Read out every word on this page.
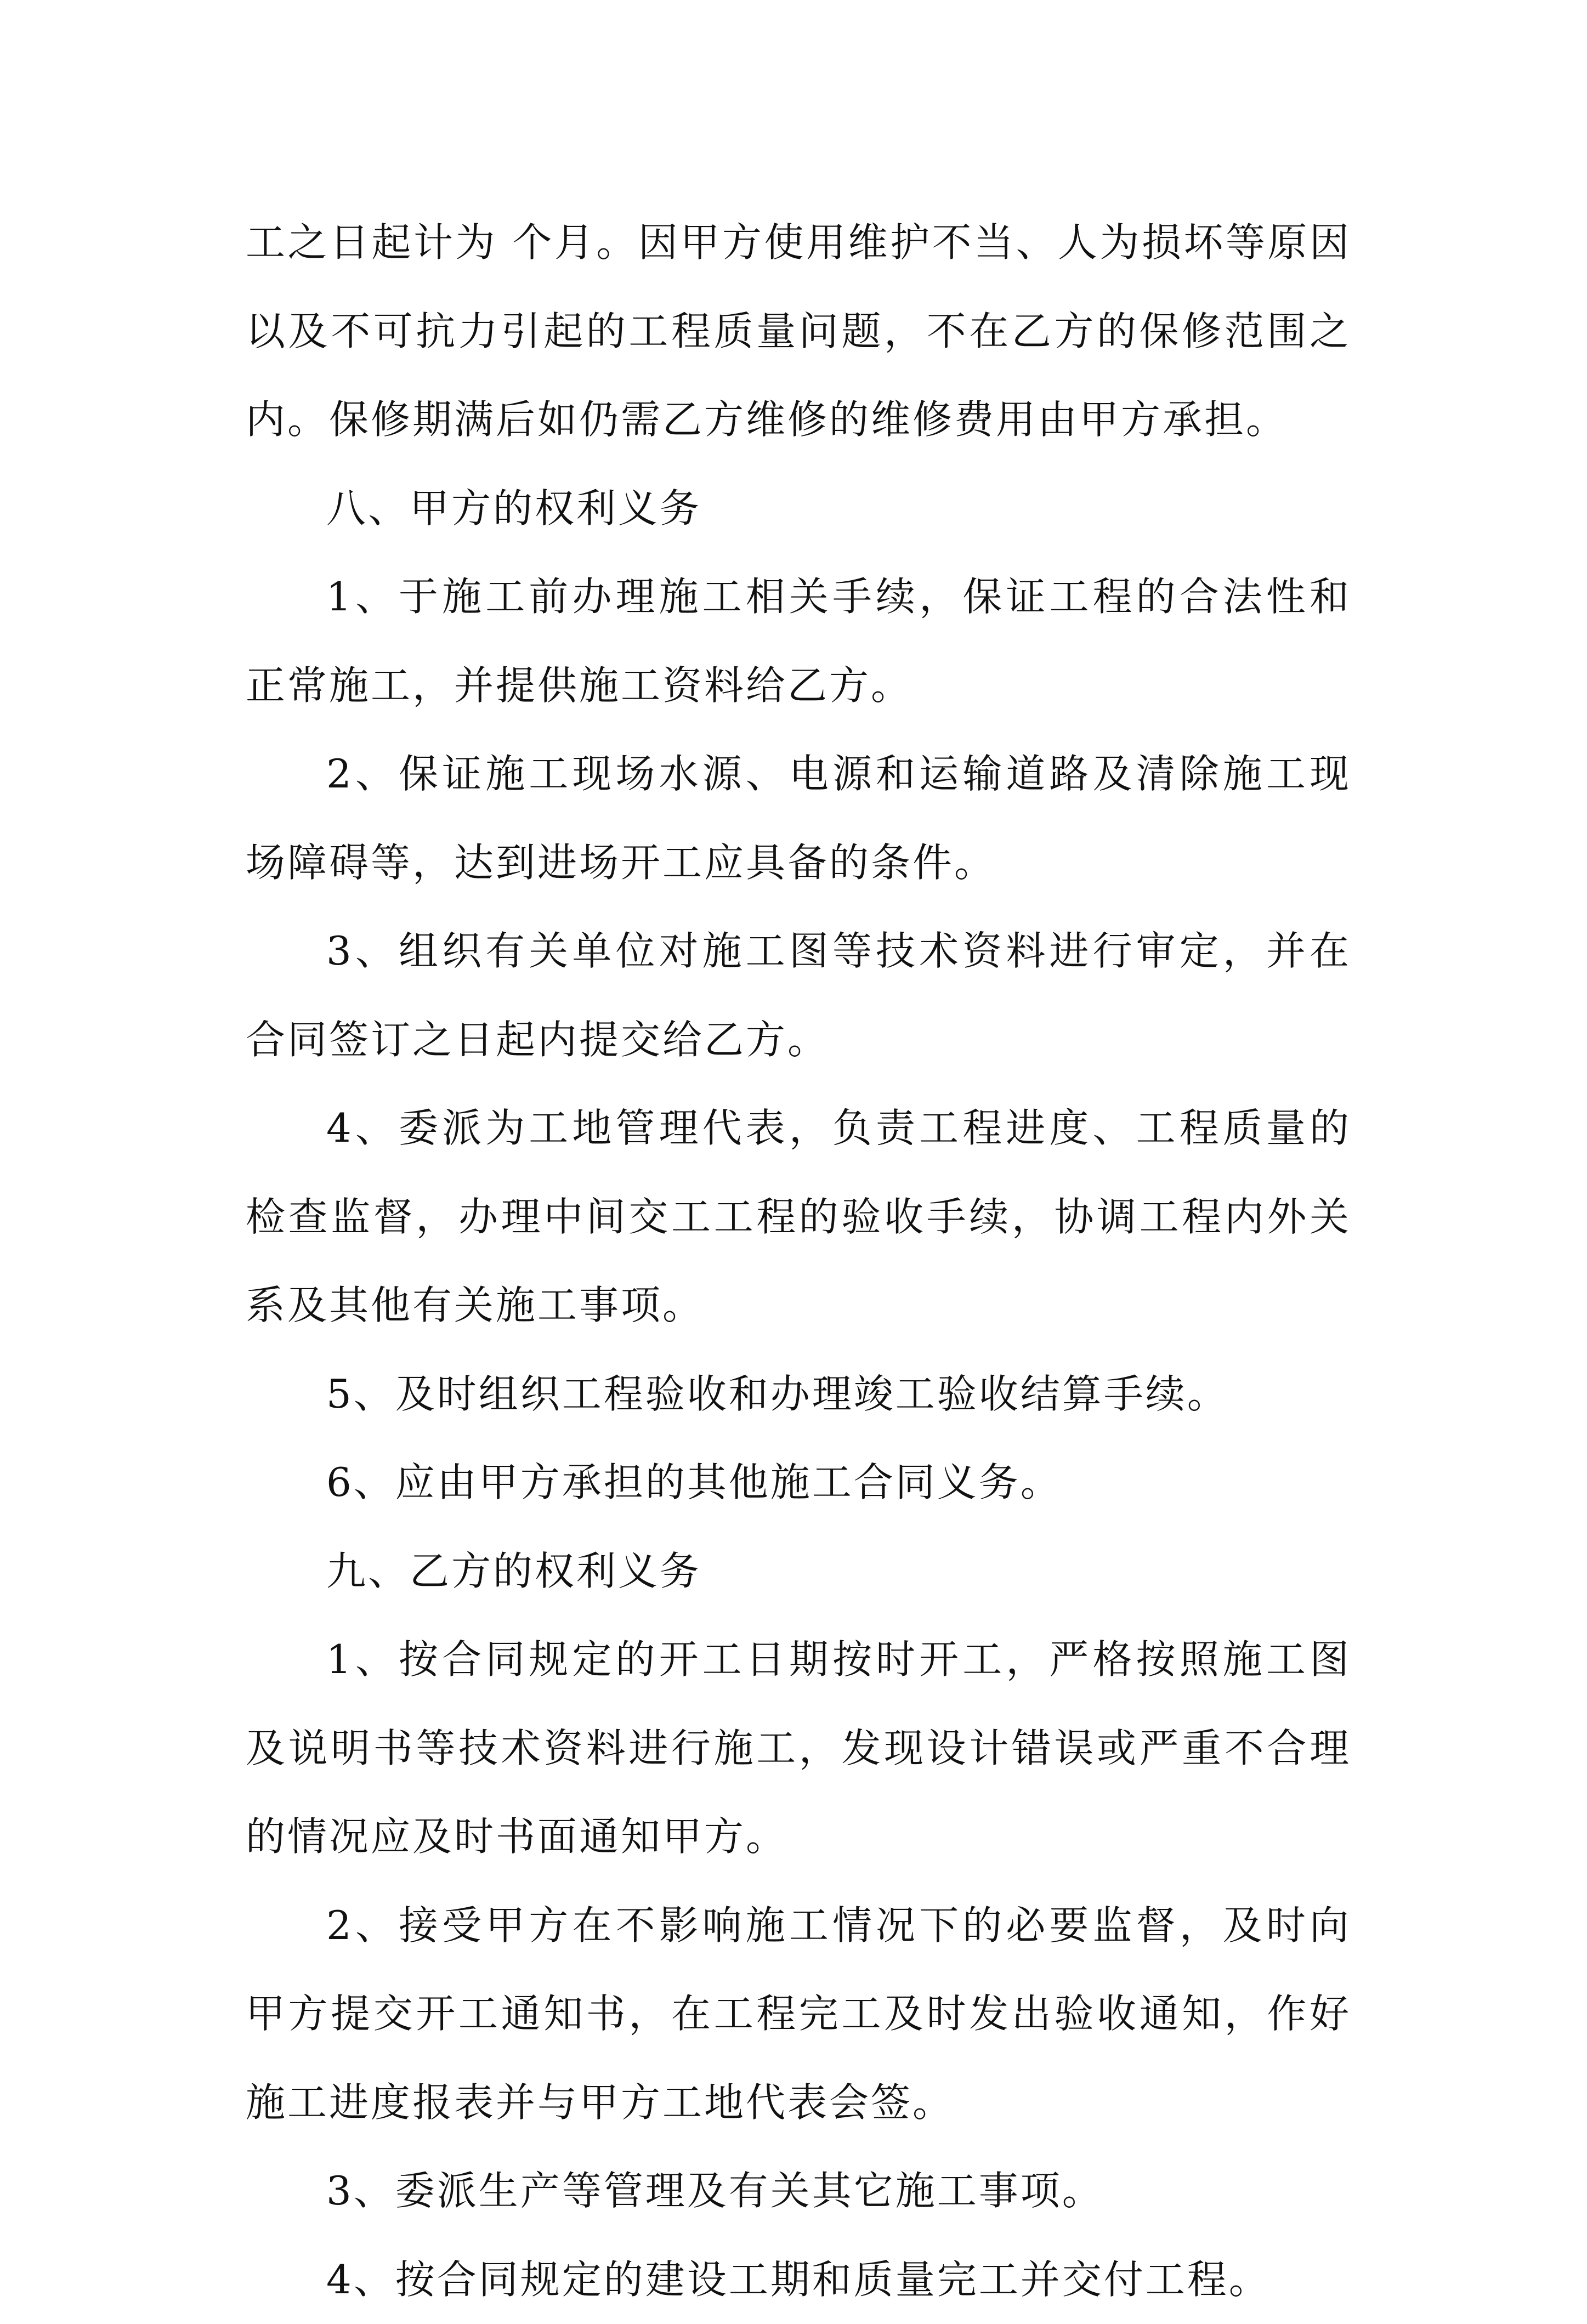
工之日起计为 个月。因甲方使用维护不当、人为损坏等原因以及不可抗力引起的工程质量问题，不在乙方的保修范围之内。保修期满后如仍需乙方维修的维修费用由甲方承担。

八、甲方的权利义务

1、于施工前办理施工相关手续，保证工程的合法性和正常施工，并提供施工资料给乙方。

2、保证施工现场水源、电源和运输道路及清除施工现场障碍等，达到进场开工应具备的条件。

3、组织有关单位对施工图等技术资料进行审定，并在合同签订之日起内提交给乙方。

4、委派为工地管理代表，负责工程进度、工程质量的检查监督，办理中间交工工程的验收手续，协调工程内外关系及其他有关施工事项。

5、及时组织工程验收和办理竣工验收结算手续。

6、应由甲方承担的其他施工合同义务。

九、乙方的权利义务

1、按合同规定的开工日期按时开工，严格按照施工图及说明书等技术资料进行施工，发现设计错误或严重不合理的情况应及时书面通知甲方。

2、接受甲方在不影响施工情况下的必要监督，及时向甲方提交开工通知书，在工程完工及时发出验收通知，作好施工进度报表并与甲方工地代表会签。

3、委派生产等管理及有关其它施工事项。

4、按合同规定的建设工期和质量完工并交付工程。
